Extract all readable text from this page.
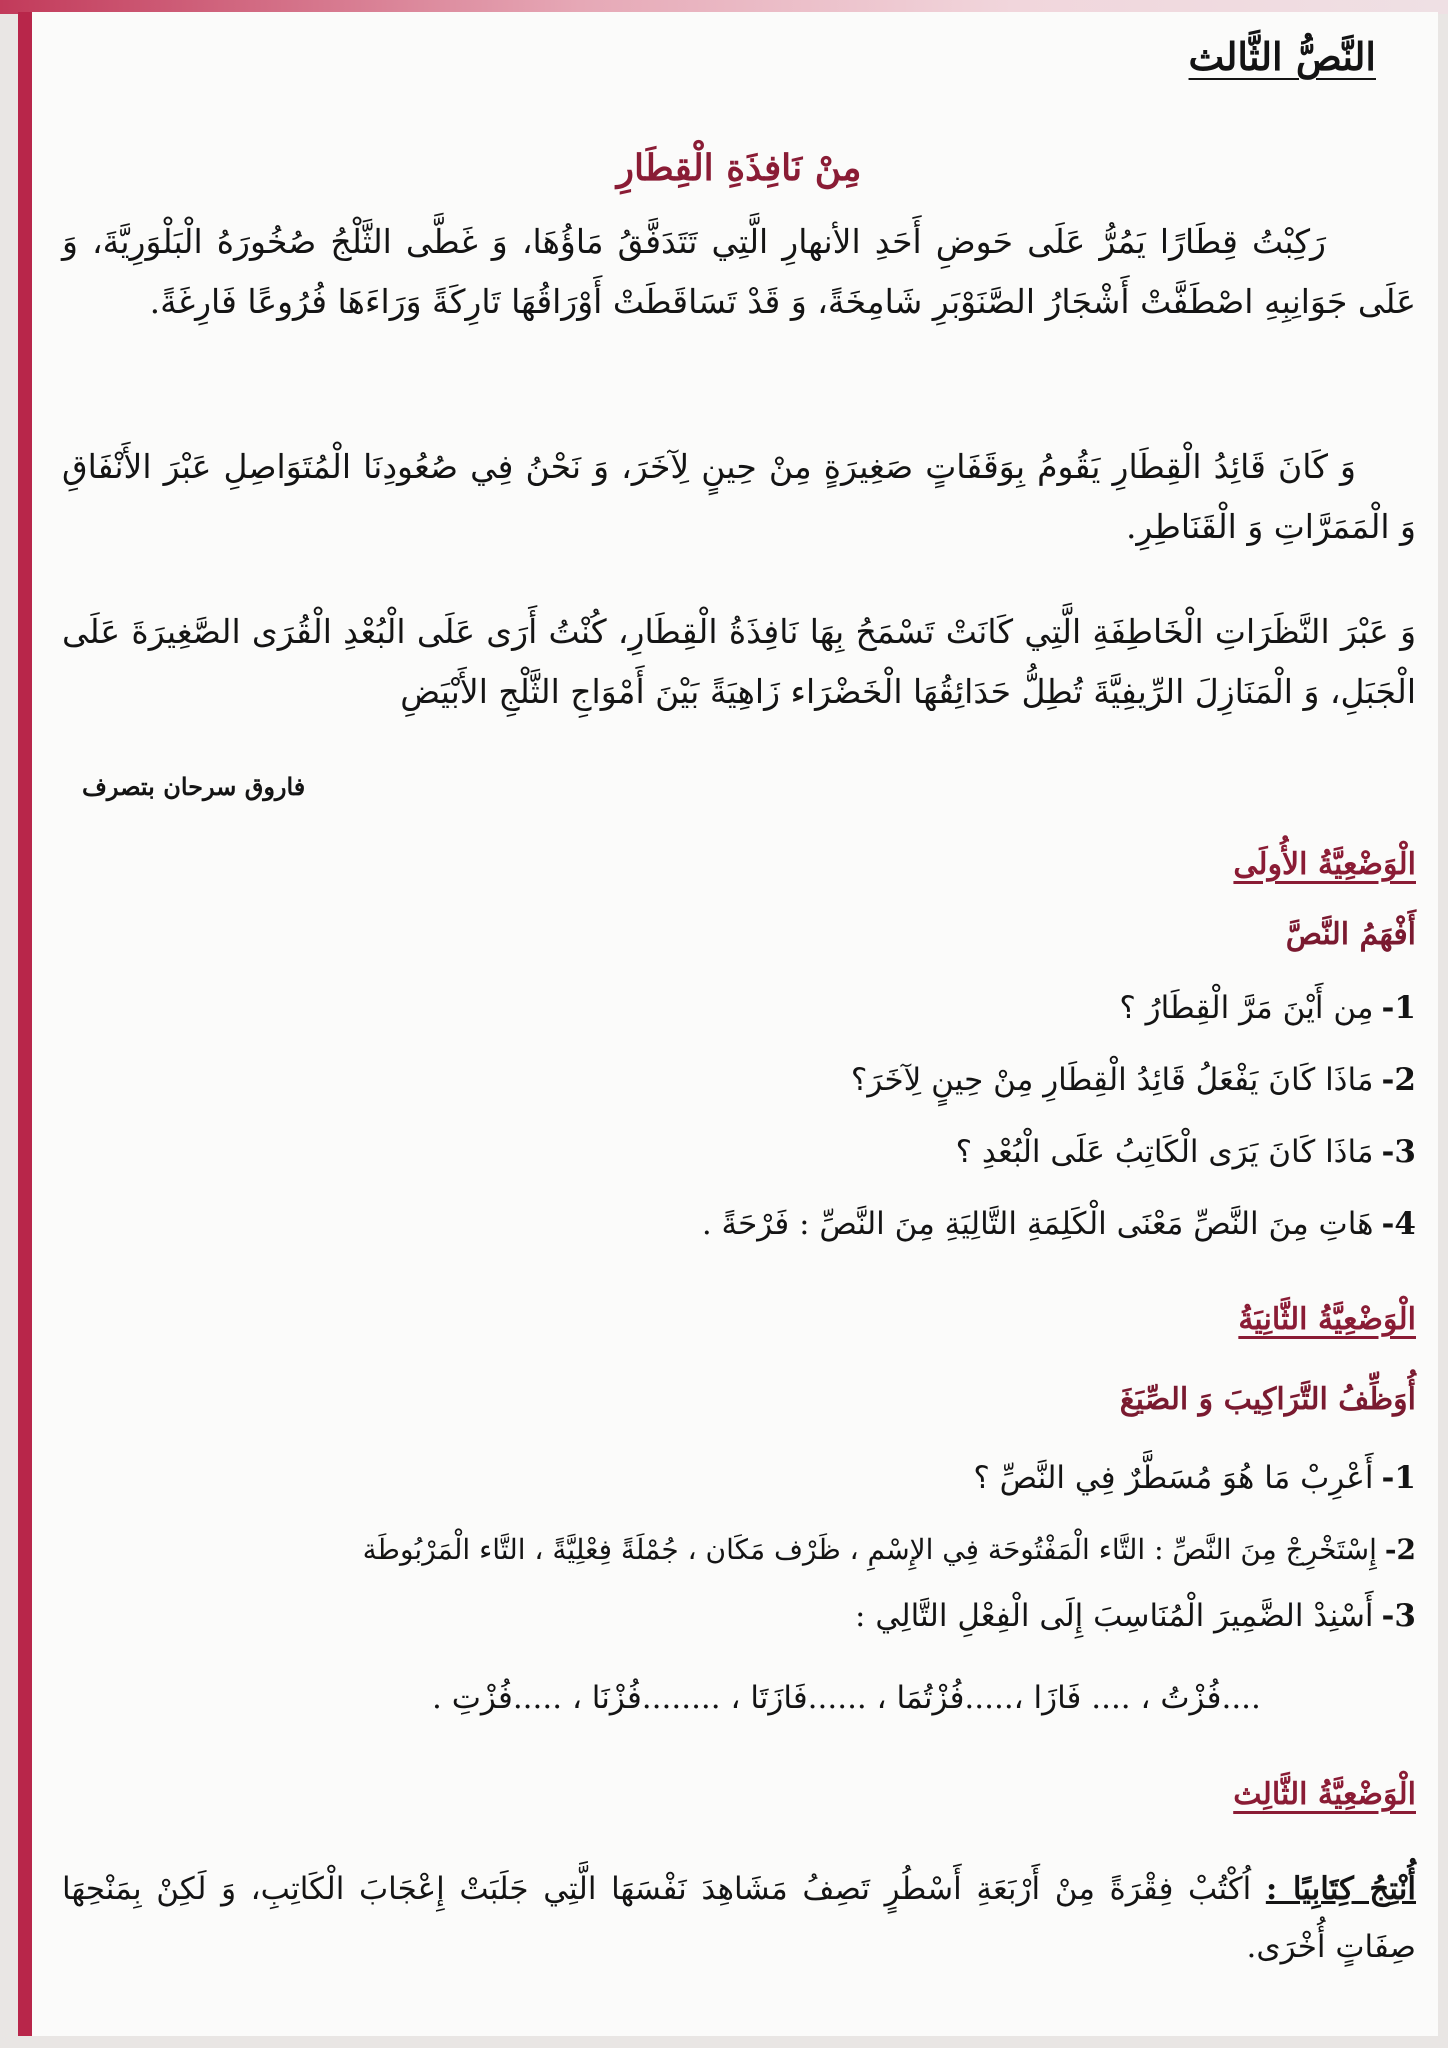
النَّصُّ الثَّالث
مِنْ نَافِذَةِ الْقِطَارِ

رَكِبْتُ قِطَارًا يَمُرُّ عَلَى حَوضِ أَحَدِ الأنهارِ الَّتِي تَتَدَفَّقُ مَاؤُهَا، وَ غَطَّى الثَّلْجُ صُخُورَهُ الْبَلْوَرِيَّةَ، وَ عَلَى جَوَانِبِهِ اصْطَفَّتْ أَشْجَارُ الصَّنَوْبَرِ شَامِخَةً، وَ قَدْ تَسَاقَطَتْ أَوْرَاقُهَا تَارِكَةً وَرَاءَهَا فُرُوعًا فَارِغَةً.

وَ كَانَ قَائِدُ الْقِطَارِ يَقُومُ بِوَقَفَاتٍ صَغِيرَةٍ مِنْ حِينٍ لِآخَرَ، وَ نَحْنُ فِي صُعُودِنَا الْمُتَوَاصِلِ عَبْرَ الأَنْفَاقِ وَ الْمَمَرَّاتِ وَ الْقَنَاطِرِ.

وَ عَبْرَ النَّظَرَاتِ الْخَاطِفَةِ الَّتِي كَانَتْ تَسْمَحُ بِهَا نَافِذَةُ الْقِطَارِ، كُنْتُ أَرَى عَلَى الْبُعْدِ الْقُرَى الصَّغِيرَةَ عَلَى الْجَبَلِ، وَ الْمَنَازِلَ الرِّيفِيَّةَ تُطِلُّ حَدَائِقُهَا الْخَضْرَاء زَاهِيَةً بَيْنَ أَمْوَاجِ الثَّلْجِ الأَبْيَضِ

فاروق سرحان بتصرف

الْوَضْعِيَّةُ الأُولَى
أَفْهَمُ النَّصَّ
1-مِن أَيْنَ مَرَّ الْقِطَارُ ؟
2-مَاذَا كَانَ يَفْعَلُ قَائِدُ الْقِطَارِ مِنْ حِينٍ لِآخَرَ؟
3-مَاذَا كَانَ يَرَى الْكَاتِبُ عَلَى الْبُعْدِ ؟
4-هَاتِ مِنَ النَّصِّ مَعْنَى الْكَلِمَةِ التَّالِيَةِ مِنَ النَّصِّ : فَرْحَةً .
الْوَضْعِيَّةُ الثَّانِيَةُ
أُوَظِّفُ التَّرَاكِيبَ وَ الصِّيَغَ
1-أَعْرِبْ مَا هُوَ مُسَطَّرٌ فِي النَّصِّ ؟
2-إِسْتَخْرِجْ مِنَ النَّصِّ : التَّاء الْمَفْتُوحَة فِي الإِسْمِ ، ظَرْف مَكَان ، جُمْلَةً فِعْلِيَّةً ، التَّاء الْمَرْبُوطَة
3-أَسْنِدْ الضَّمِيرَ الْمُنَاسِبَ إِلَى الْفِعْلِ التَّالِي :

....فُزْتُ ، .... فَازَا ،.....فُزْتُمَا ، ......فَازَتَا ، ........فُزْنَا ، .....فُزْتِ .

الْوَضْعِيَّةُ الثَّالِث

أُنْتِجُ كِتَابِيًا : اُكْتُبْ فِقْرَةً مِنْ أَرْبَعَةِ أَسْطُرٍ تَصِفُ مَشَاهِدَ نَفْسَهَا الَّتِي جَلَبَتْ إِعْجَابَ الْكَاتِبِ، وَ لَكِنْ بِمَنْحِهَا صِفَاتٍ أُخْرَى.
